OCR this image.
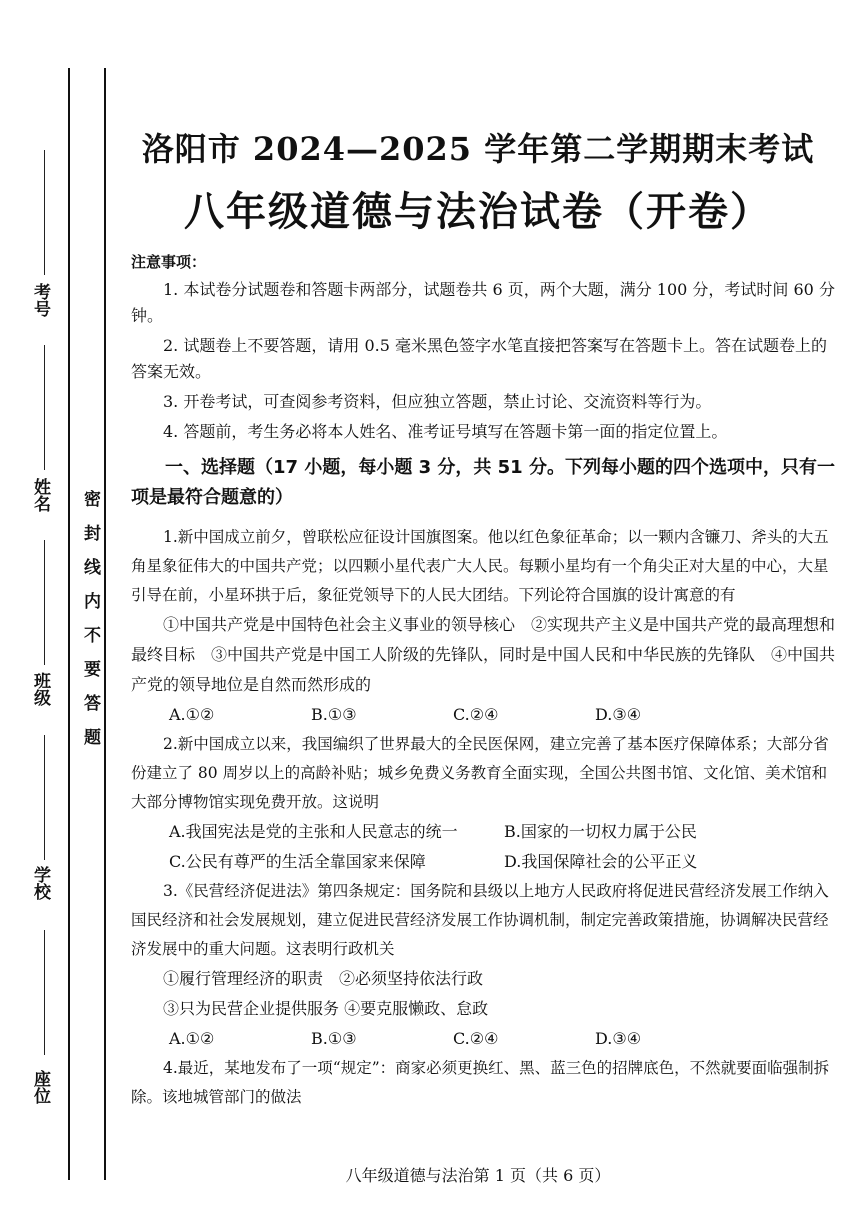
考号
姓名
班级
学校
座位
密封线内不要答题
洛阳市 2024—2025 学年第二学期期末考试
八年级道德与法治试卷（开卷）
注意事项：

1. 本试卷分试题卷和答题卡两部分，试题卷共 6 页，两个大题，满分 100 分，考试时间 60 分钟。

2. 试题卷上不要答题，请用 0.5 毫米黑色签字水笔直接把答案写在答题卡上。答在试题卷上的答案无效。

3. 开卷考试，可查阅参考资料，但应独立答题，禁止讨论、交流资料等行为。

4. 答题前，考生务必将本人姓名、准考证号填写在答题卡第一面的指定位置上。

一、选择题（17 小题，每小题 3 分，共 51 分。下列每小题的四个选项中，只有一项是最符合题意的）

1.新中国成立前夕，曾联松应征设计国旗图案。他以红色象征革命；以一颗内含镰刀、斧头的大五角星象征伟大的中国共产党；以四颗小星代表广大人民。每颗小星均有一个角尖正对大星的中心，大星引导在前，小星环拱于后，象征党领导下的人民大团结。下列论符合国旗的设计寓意的有

①中国共产党是中国特色社会主义事业的领导核心　②实现共产主义是中国共产党的最高理想和最终目标　③中国共产党是中国工人阶级的先锋队，同时是中国人民和中华民族的先锋队　④中国共产党的领导地位是自然而然形成的

A.①②	B.①③	C.②④	D.③④

2.新中国成立以来，我国编织了世界最大的全民医保网，建立完善了基本医疗保障体系；大部分省份建立了 80 周岁以上的高龄补贴；城乡免费义务教育全面实现，全国公共图书馆、文化馆、美术馆和大部分博物馆实现免费开放。这说明

A.我国宪法是党的主张和人民意志的统一	B.国家的一切权力属于公民
C.公民有尊严的生活全靠国家来保障	D.我国保障社会的公平正义

3.《民营经济促进法》第四条规定：国务院和县级以上地方人民政府将促进民营经济发展工作纳入国民经济和社会发展规划，建立促进民营经济发展工作协调机制，制定完善政策措施，协调解决民营经济发展中的重大问题。这表明行政机关

①履行管理经济的职责　②必须坚持依法行政

③只为民营企业提供服务 ④要克服懒政、怠政

A.①②	B.①③	C.②④	D.③④

4.最近，某地发布了一项“规定”：商家必须更换红、黑、蓝三色的招牌底色，不然就要面临强制拆除。该地城管部门的做法

八年级道德与法治第 1 页（共 6 页）
